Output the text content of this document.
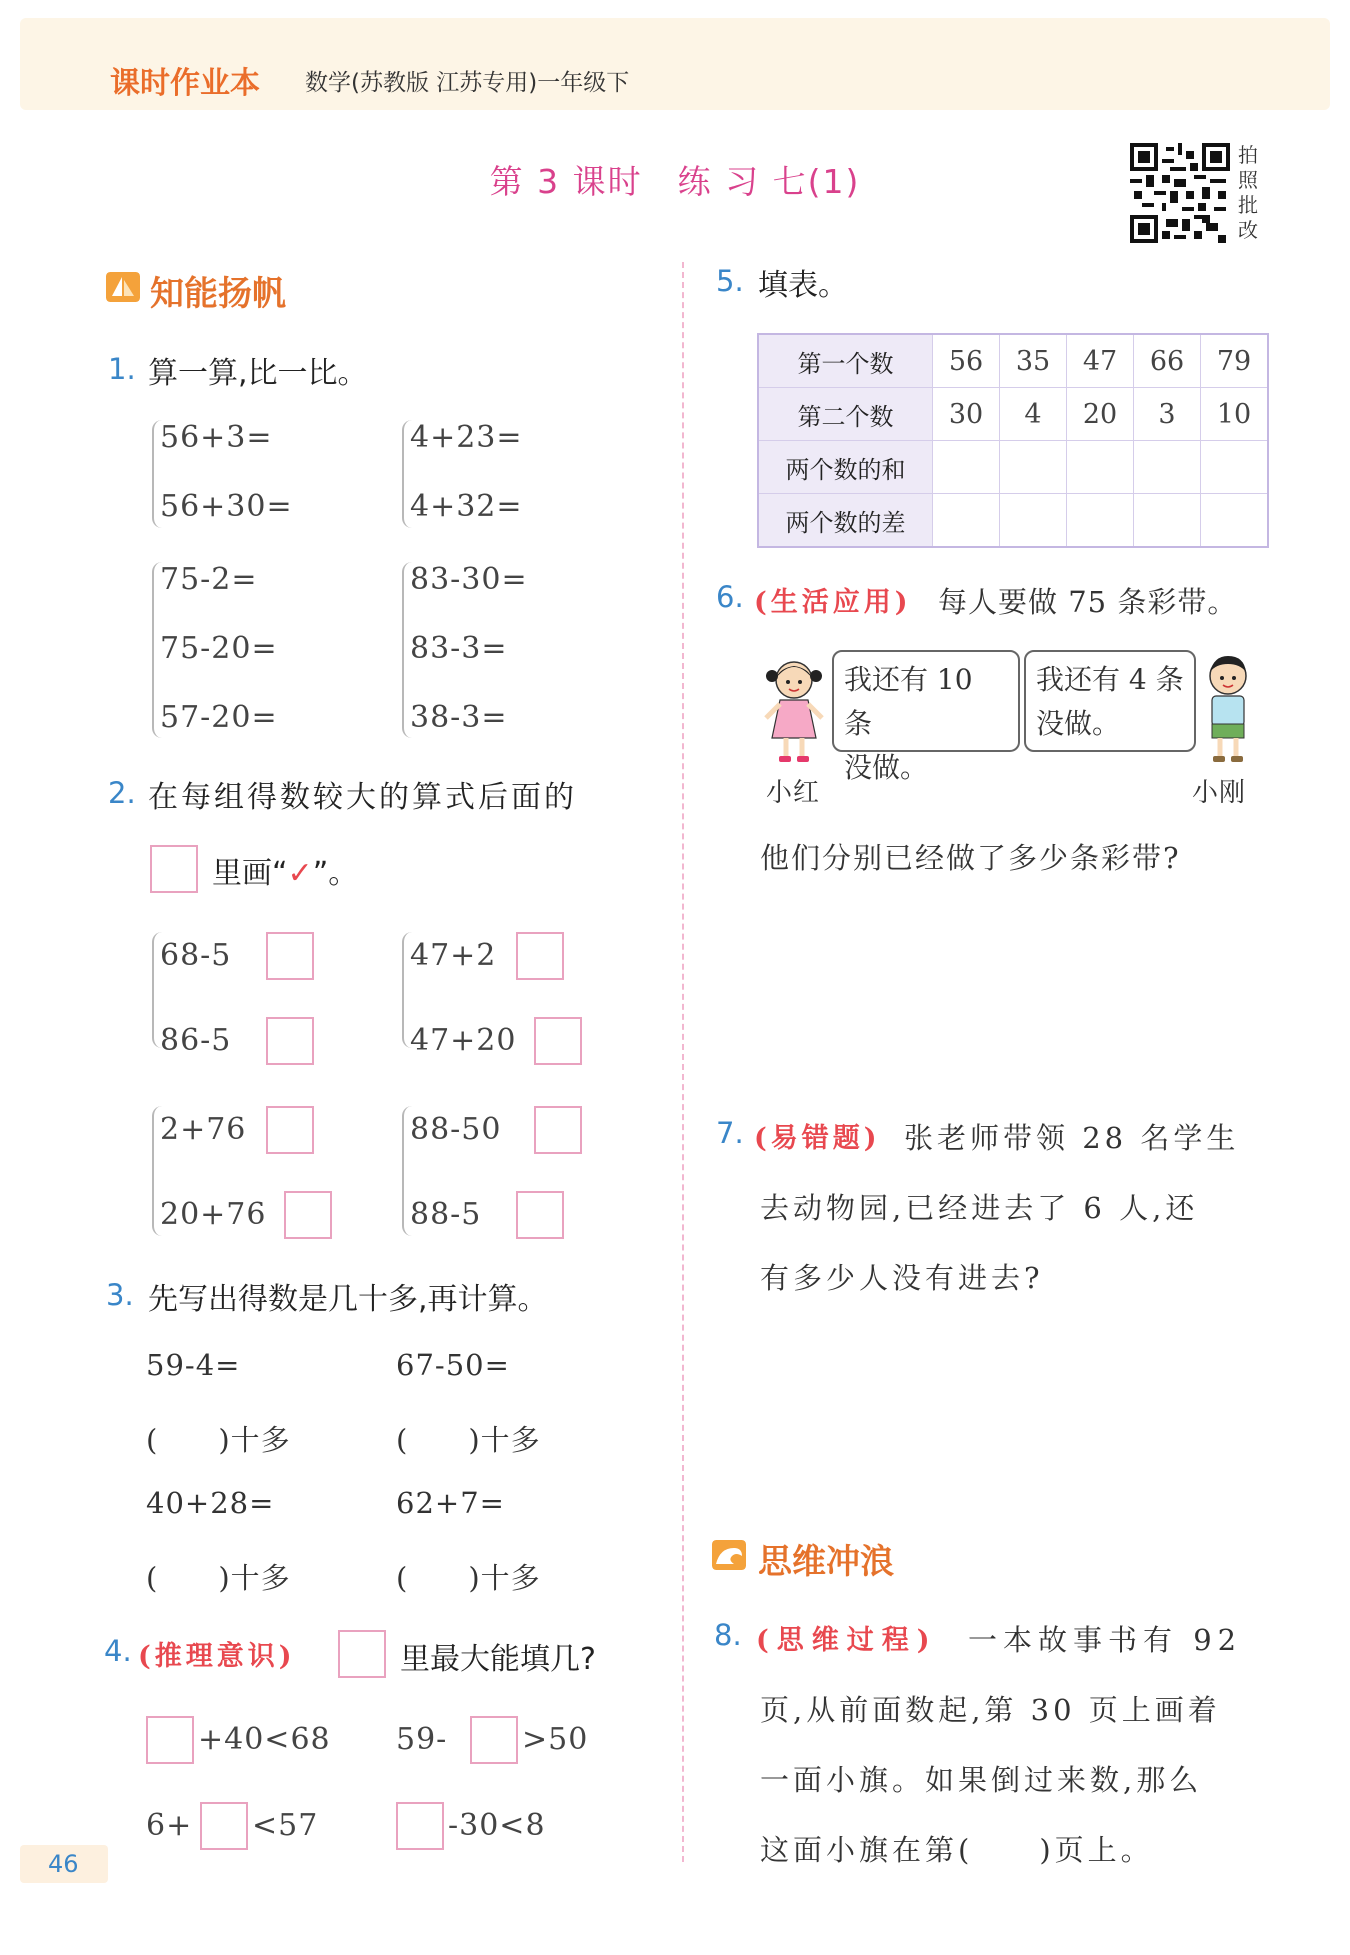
课时作业本 数学(苏教版 江苏专用)一年级下
第 3 课时　练 习 七(1)
拍
照
批
改
知能扬帆
1. 算一算,比一比。
56+3=
56+30=
4+23=
4+32=
75-2=
75-20=
57-20=
83-30=
83-3=
38-3=
2. 在每组得数较大的算式后面的
里画“✓”。
68-5
86-5
47+2
47+20
2+76
20+76
88-50
88-5
3. 先写出得数是几十多,再计算。
59-4=	67-50=
(　　)十多	(　　)十多
40+28=	62+7=
(　　)十多	(　　)十多
4. (推理意识)	里最大能填几?
+40<68 59- >50
6+ <57	-30<8
5. 填表。
第一个数	56	35	47	66	79
第二个数	30	4	20	3	10
两个数的和					
两个数的差					
6. (生活应用) 每人要做 75 条彩带。
我还有 10 条
没做。
我还有 4 条
没做。
小红	小刚
他们分别已经做了多少条彩带?
7. (易错题) 张老师带领 28 名学生
去动物园,已经进去了 6 人,还
有多少人没有进去?
思维冲浪
8. (思维过程) 一本故事书有 92
页,从前面数起,第 30 页上画着
一面小旗。如果倒过来数,那么
这面小旗在第(　　)页上。
46
